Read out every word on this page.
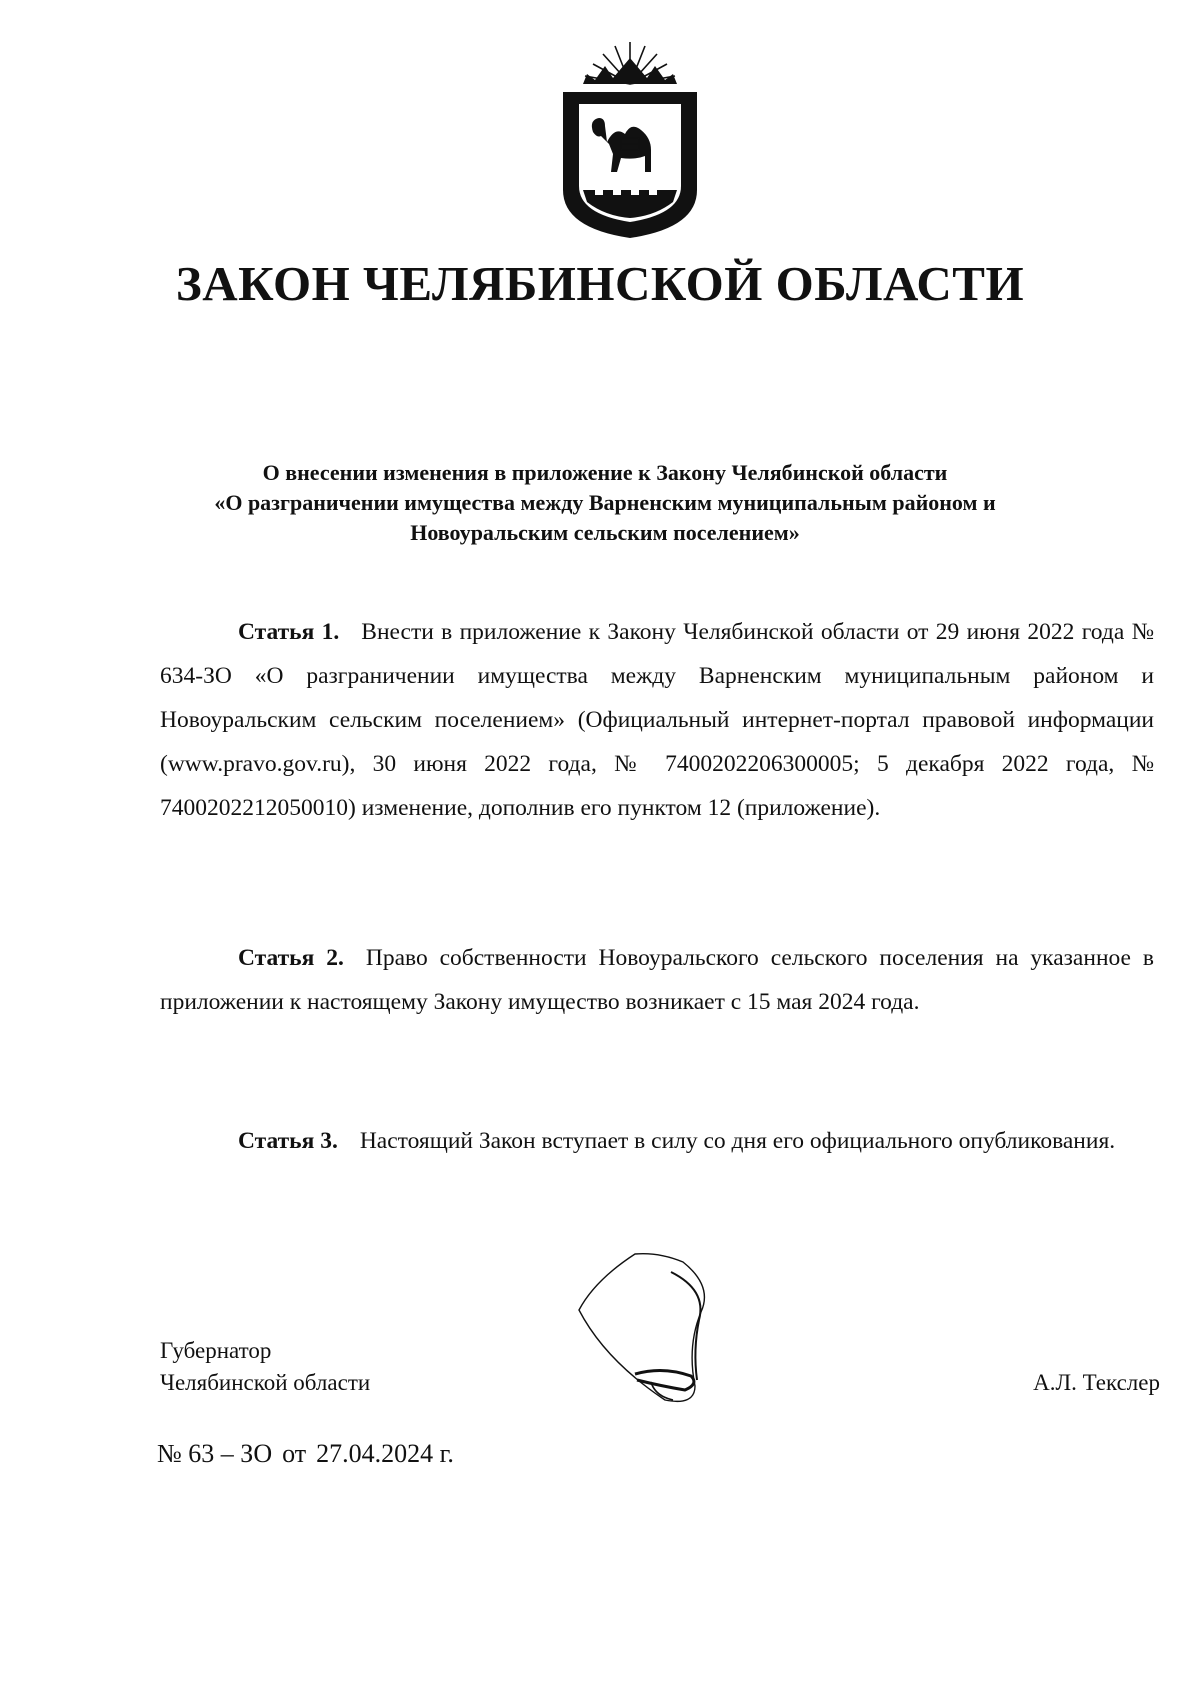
ЗАКОН ЧЕЛЯБИНСКОЙ ОБЛАСТИ
О внесении изменения в приложение к Закону Челябинской области
«О разграничении имущества между Варненским муниципальным районом и
Новоуральским сельским поселением»

Статья 1. Внести в приложение к Закону Челябинской области от 29 июня 2022 года № 634-ЗО «О разграничении имущества между Варненским муниципальным районом и Новоуральским сельским поселением» (Официальный интернет-портал правовой информации (www.pravo.gov.ru), 30 июня 2022 года, № 7400202206300005; 5 декабря 2022 года, № 7400202212050010) изменение, дополнив его пунктом 12 (приложение).

Статья 2. Право собственности Новоуральского сельского поселения на указанное в приложении к настоящему Закону имущество возникает с 15 мая 2024 года.

Статья 3. Настоящий Закон вступает в силу со дня его официального опубликования.

Губернатор
Челябинской области	А.Л. Текслер
№ 63 – ЗО от 27.04.2024 г.
